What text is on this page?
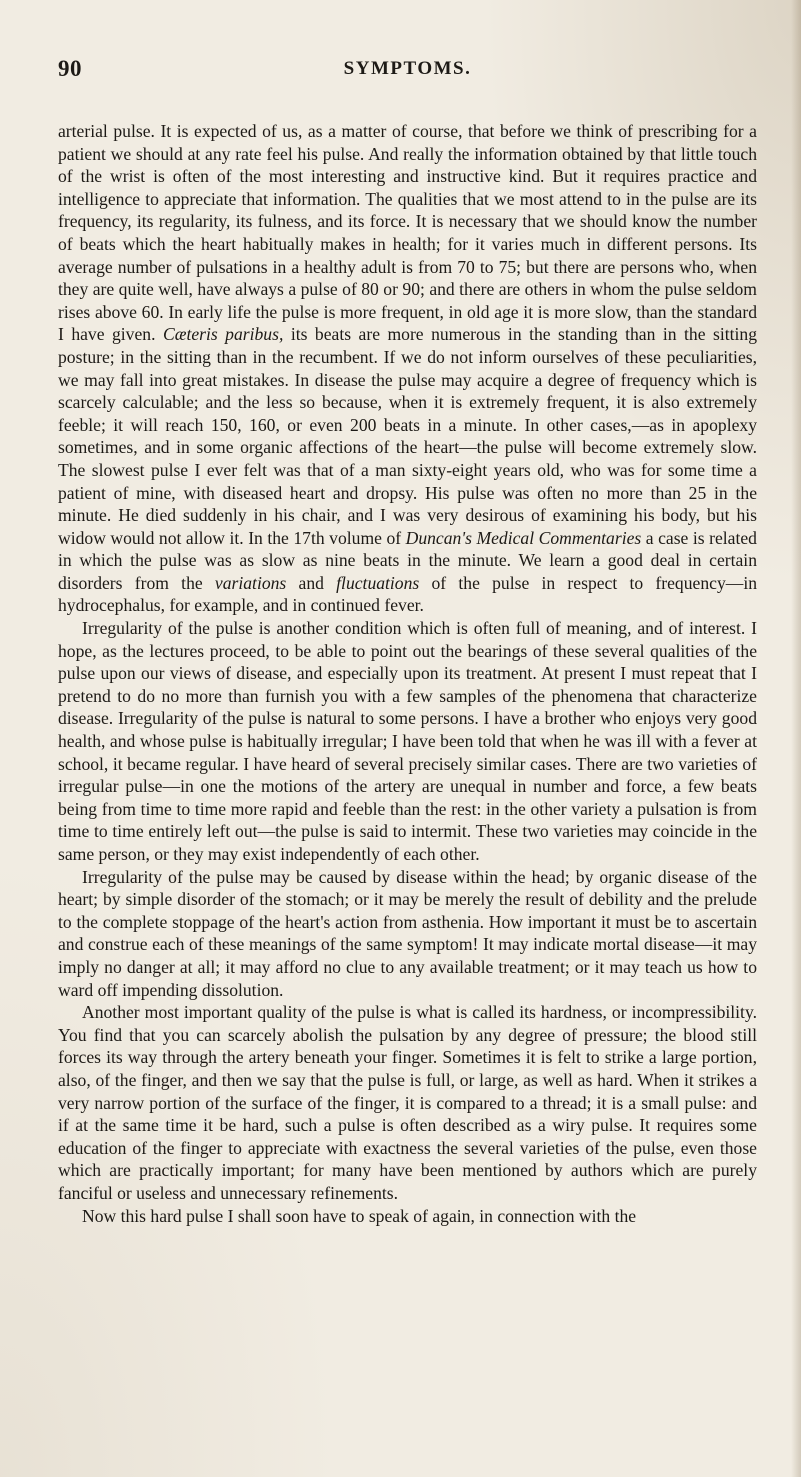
90	SYMPTOMS.

arterial pulse. It is expected of us, as a matter of course, that before we think of prescribing for a patient we should at any rate feel his pulse. And really the information obtained by that little touch of the wrist is often of the most interesting and instructive kind. But it requires practice and intelligence to appreciate that information. The qualities that we most attend to in the pulse are its frequency, its regularity, its fulness, and its force. It is necessary that we should know the number of beats which the heart habitually makes in health; for it varies much in different persons. Its average number of pulsations in a healthy adult is from 70 to 75; but there are persons who, when they are quite well, have always a pulse of 80 or 90; and there are others in whom the pulse seldom rises above 60. In early life the pulse is more frequent, in old age it is more slow, than the standard I have given. Cæteris paribus, its beats are more numerous in the standing than in the sitting posture; in the sitting than in the recumbent. If we do not inform ourselves of these peculiarities, we may fall into great mistakes. In disease the pulse may acquire a degree of frequency which is scarcely calculable; and the less so because, when it is extremely frequent, it is also extremely feeble; it will reach 150, 160, or even 200 beats in a minute. In other cases,—as in apoplexy sometimes, and in some organic affections of the heart—the pulse will become extremely slow. The slowest pulse I ever felt was that of a man sixty-eight years old, who was for some time a patient of mine, with diseased heart and dropsy. His pulse was often no more than 25 in the minute. He died suddenly in his chair, and I was very desirous of examining his body, but his widow would not allow it. In the 17th volume of Duncan's Medical Commentaries a case is related in which the pulse was as slow as nine beats in the minute. We learn a good deal in certain disorders from the variations and fluctuations of the pulse in respect to frequency—in hydrocephalus, for example, and in continued fever.

Irregularity of the pulse is another condition which is often full of meaning, and of interest. I hope, as the lectures proceed, to be able to point out the bearings of these several qualities of the pulse upon our views of disease, and especially upon its treatment. At present I must repeat that I pretend to do no more than furnish you with a few samples of the phenomena that characterize disease. Irregularity of the pulse is natural to some persons. I have a brother who enjoys very good health, and whose pulse is habitually irregular; I have been told that when he was ill with a fever at school, it became regular. I have heard of several precisely similar cases. There are two varieties of irregular pulse—in one the motions of the artery are unequal in number and force, a few beats being from time to time more rapid and feeble than the rest: in the other variety a pulsation is from time to time entirely left out—the pulse is said to intermit. These two varieties may coincide in the same person, or they may exist independently of each other.

Irregularity of the pulse may be caused by disease within the head; by organic disease of the heart; by simple disorder of the stomach; or it may be merely the result of debility and the prelude to the complete stoppage of the heart's action from asthenia. How important it must be to ascertain and construe each of these meanings of the same symptom! It may indicate mortal disease—it may imply no danger at all; it may afford no clue to any available treatment; or it may teach us how to ward off impending dissolution.

Another most important quality of the pulse is what is called its hardness, or incompressibility. You find that you can scarcely abolish the pulsation by any degree of pressure; the blood still forces its way through the artery beneath your finger. Sometimes it is felt to strike a large portion, also, of the finger, and then we say that the pulse is full, or large, as well as hard. When it strikes a very narrow portion of the surface of the finger, it is compared to a thread; it is a small pulse: and if at the same time it be hard, such a pulse is often described as a wiry pulse. It requires some education of the finger to appreciate with exactness the several varieties of the pulse, even those which are practically important; for many have been mentioned by authors which are purely fanciful or useless and unnecessary refinements.

Now this hard pulse I shall soon have to speak of again, in connection with the
